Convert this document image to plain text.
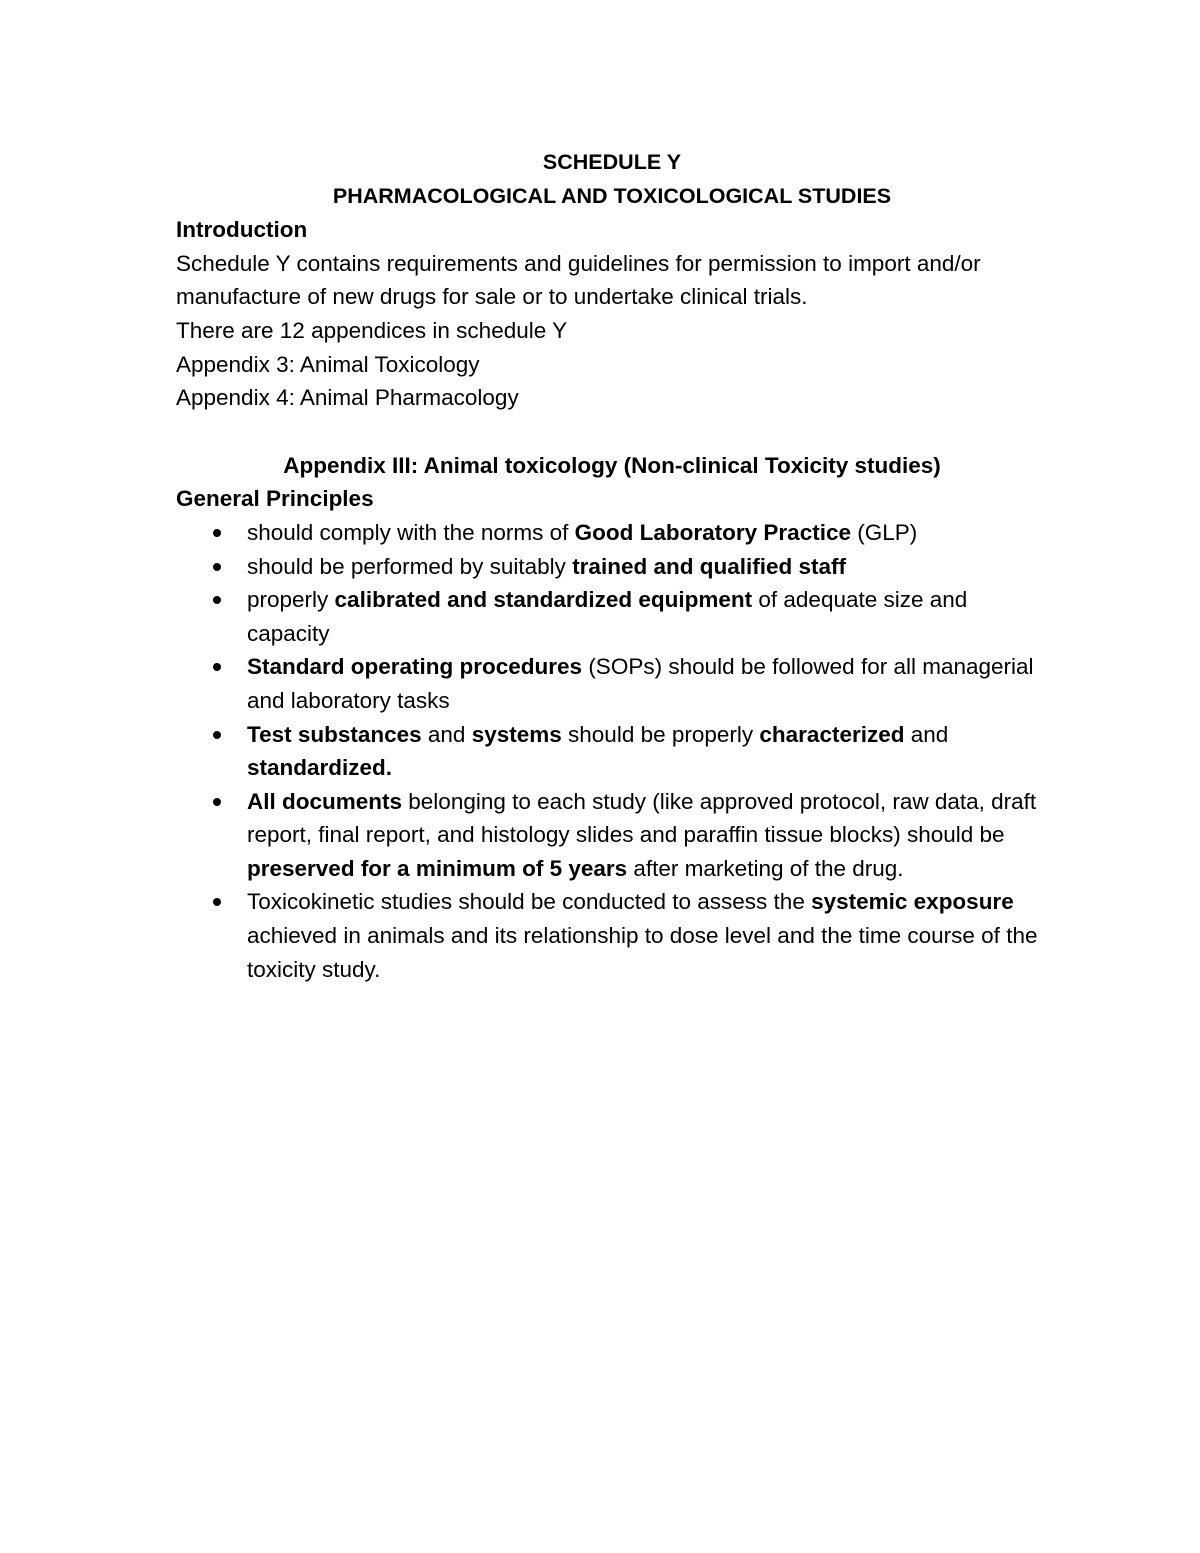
SCHEDULE Y

PHARMACOLOGICAL AND TOXICOLOGICAL STUDIES

Introduction

Schedule Y contains requirements and guidelines for permission to import and/or manufacture of new drugs for sale or to undertake clinical trials.

There are 12 appendices in schedule Y

Appendix 3: Animal Toxicology

Appendix 4: Animal Pharmacology

Appendix III: Animal toxicology (Non-clinical Toxicity studies)

General Principles

should comply with the norms of Good Laboratory Practice (GLP)
should be performed by suitably trained and qualified staff
properly calibrated and standardized equipment of adequate size and capacity
Standard operating procedures (SOPs) should be followed for all managerial and laboratory tasks
Test substances and systems should be properly characterized and standardized.
All documents belonging to each study (like approved protocol, raw data, draft report, final report, and histology slides and paraffin tissue blocks) should be preserved for a minimum of 5 years after marketing of the drug.
Toxicokinetic studies should be conducted to assess the systemic exposure achieved in animals and its relationship to dose level and the time course of the toxicity study.
